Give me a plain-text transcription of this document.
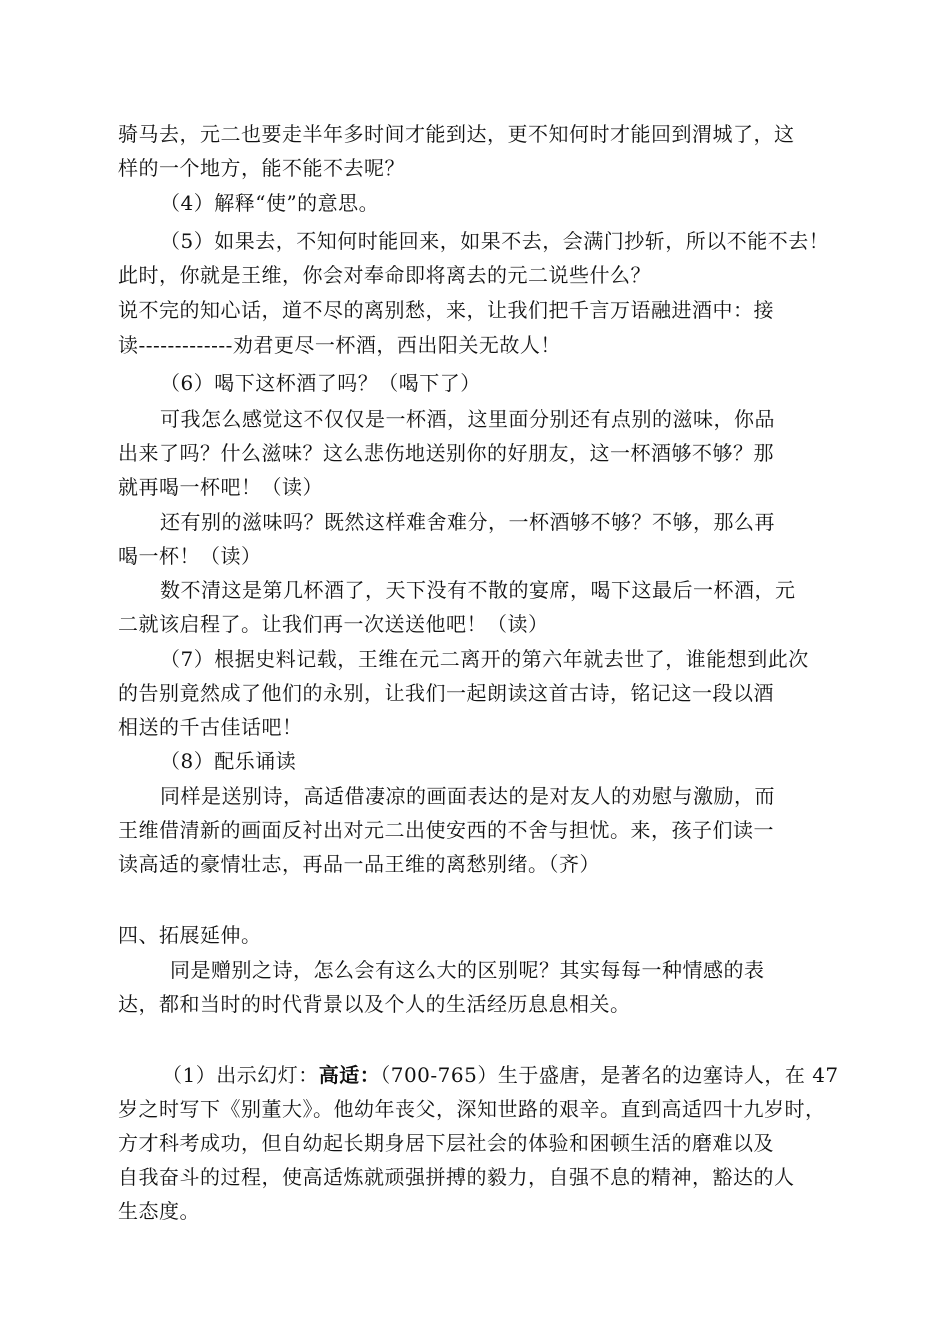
骑马去，元二也要走半年多时间才能到达，更不知何时才能回到渭城了，这
样的一个地方，能不能不去呢？
（4）解释“使”的意思。
（5）如果去，不知何时能回来，如果不去，会满门抄斩，所以不能不去！
此时，你就是王维，你会对奉命即将离去的元二说些什么？
说不完的知心话，道不尽的离别愁，来，让我们把千言万语融进酒中：接
读-------------劝君更尽一杯酒，西出阳关无故人！
（6）喝下这杯酒了吗？（喝下了）
可我怎么感觉这不仅仅是一杯酒，这里面分别还有点别的滋味，你品
出来了吗？什么滋味？这么悲伤地送别你的好朋友，这一杯酒够不够？那
就再喝一杯吧！（读）
还有别的滋味吗？既然这样难舍难分，一杯酒够不够？不够，那么再
喝一杯！（读）
数不清这是第几杯酒了，天下没有不散的宴席，喝下这最后一杯酒，元
二就该启程了。让我们再一次送送他吧！（读）
（7）根据史料记载，王维在元二离开的第六年就去世了，谁能想到此次
的告别竟然成了他们的永别，让我们一起朗读这首古诗，铭记这一段以酒
相送的千古佳话吧！
（8）配乐诵读
同样是送别诗，高适借凄凉的画面表达的是对友人的劝慰与激励，而
王维借清新的画面反衬出对元二出使安西的不舍与担忧。来，孩子们读一
读高适的豪情壮志，再品一品王维的离愁别绪。（齐）
四、拓展延伸。
同是赠别之诗，怎么会有这么大的区别呢？其实每每一种情感的表
达，都和当时的时代背景以及个人的生活经历息息相关。
（1）出示幻灯：高适：（700-765）生于盛唐，是著名的边塞诗人，在 47
岁之时写下《别董大》。他幼年丧父，深知世路的艰辛。直到高适四十九岁时，
方才科考成功，但自幼起长期身居下层社会的体验和困顿生活的磨难以及
自我奋斗的过程，使高适炼就顽强拼搏的毅力，自强不息的精神，豁达的人
生态度。
